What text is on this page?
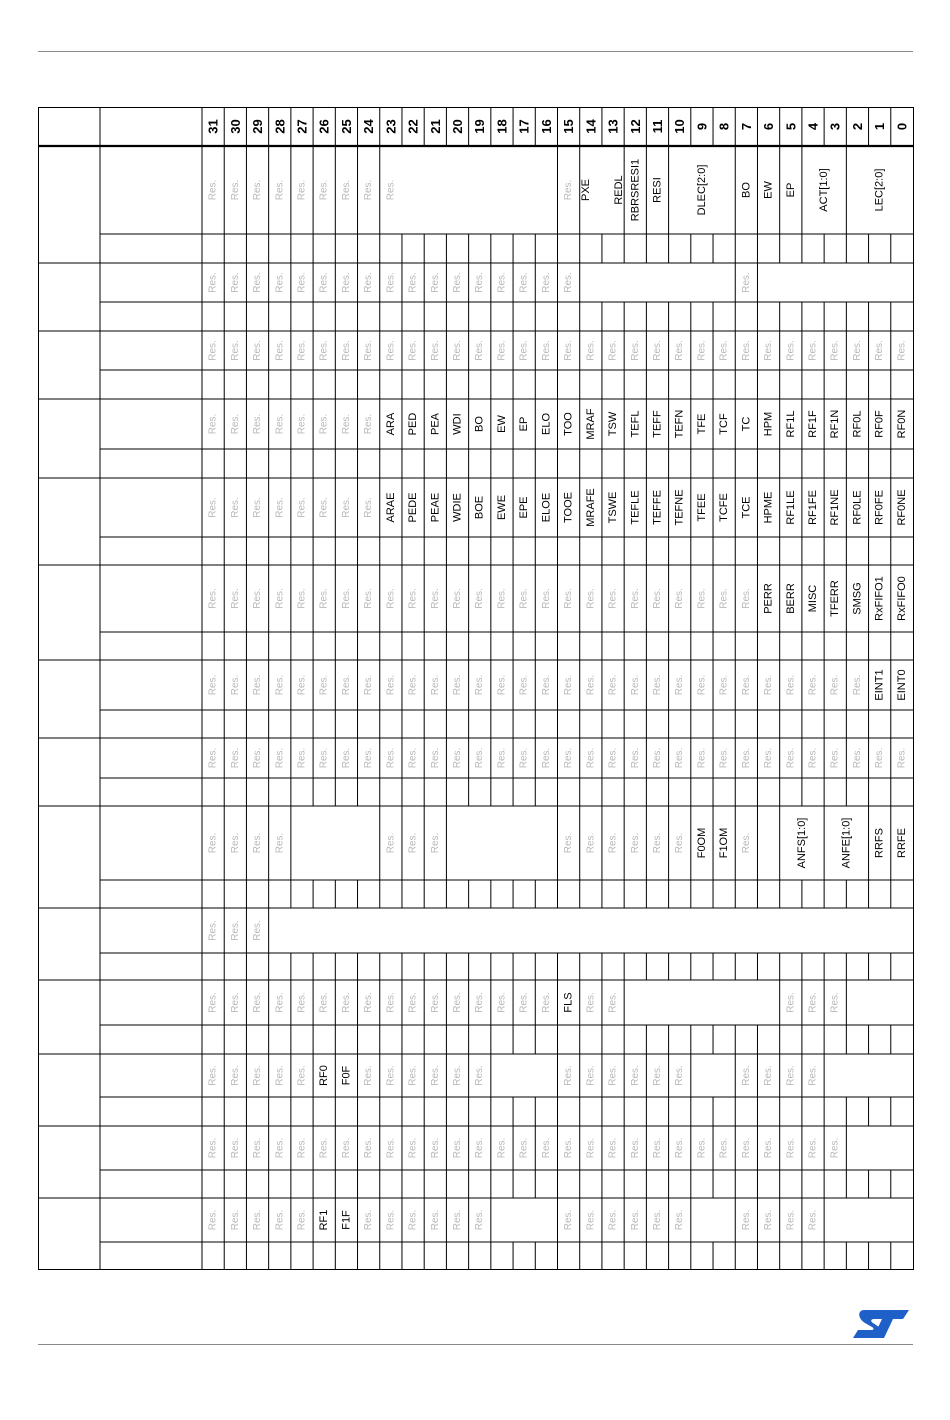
31 30 29 28 27 26 25 24 23 22 21 20 19 18 17 16 15 14 13 12 11 10 9 8 7 6 5 4 3 2 1 0
Res. Res. Res. Res. Res. Res. Res. Res. Res.	Res. PXE REDL RBRSRESI1 RESI	DLEC[2:0]	BO EW EP ACT[1:0]	LEC[2:0]
Res. Res. Res. Res. Res. Res. Res. Res. Res. Res. Res. Res. Res. Res. Res. Res. Res.	Res.
Res. Res. Res. Res. Res. Res. Res. Res. Res. Res. Res. Res. Res. Res. Res. Res. Res. Res. Res. Res. Res. Res. Res. Res. Res. Res. Res. Res. Res. Res. Res. Res.
Res. Res. Res. Res. Res. Res. Res. Res. ARA PED PEA WDI BO EW EP ELO TOO MRAF TSW TEFL TEFF TEFN TFE TCF TC HPM RF1L RF1F RF1N RF0L RF0F RF0N
Res. Res. Res. Res. Res. Res. Res. Res. ARAE PEDE PEAE WDIE BOE EWE EPE ELOE TOOE MRAFE TSWE TEFLE TEFFE TEFNE TFEE TCFE TCE HPME RF1LE RF1FE RF1NE RF0LE RF0FE RF0NE
Res. Res. Res. Res. Res. Res. Res. Res. Res. Res. Res. Res. Res. Res. Res. Res. Res. Res. Res. Res. Res. Res. Res. Res. Res. PERR BERR MISC TFERR SMSG RxFIFO1 RxFIFO0
Res. Res. Res. Res. Res. Res. Res. Res. Res. Res. Res. Res. Res. Res. Res. Res. Res. Res. Res. Res. Res. Res. Res. Res. Res. Res. Res. Res. Res. Res. EINT1 EINT0
Res. Res. Res. Res. Res. Res. Res. Res. Res. Res. Res. Res. Res. Res. Res. Res. Res. Res. Res. Res. Res. Res. Res. Res. Res. Res. Res. Res. Res. Res. Res. Res.
Res. Res. Res. Res.	Res. Res. Res.	Res. Res. Res. Res. Res. Res. F0OM F1OM Res.	ANFS[1:0]	ANFE[1:0] RRFS RRFE
Res. Res. Res.
Res. Res. Res. Res. Res. Res. Res. Res. Res. Res. Res. Res. Res. Res. Res. Res. FLS Res. Res.	Res. Res. Res.
Res. Res. Res. Res. Res. RF0 F0F Res. Res. Res. Res. Res. Res.	Res. Res. Res. Res. Res. Res.	Res. Res. Res. Res.
Res. Res. Res. Res. Res. Res. Res. Res. Res. Res. Res. Res. Res. Res. Res. Res. Res. Res. Res. Res. Res. Res. Res. Res. Res. Res. Res. Res. Res.
Res. Res. Res. Res. Res. RF1 F1F Res. Res. Res. Res. Res. Res.	Res. Res. Res. Res. Res. Res.	Res. Res. Res. Res.
